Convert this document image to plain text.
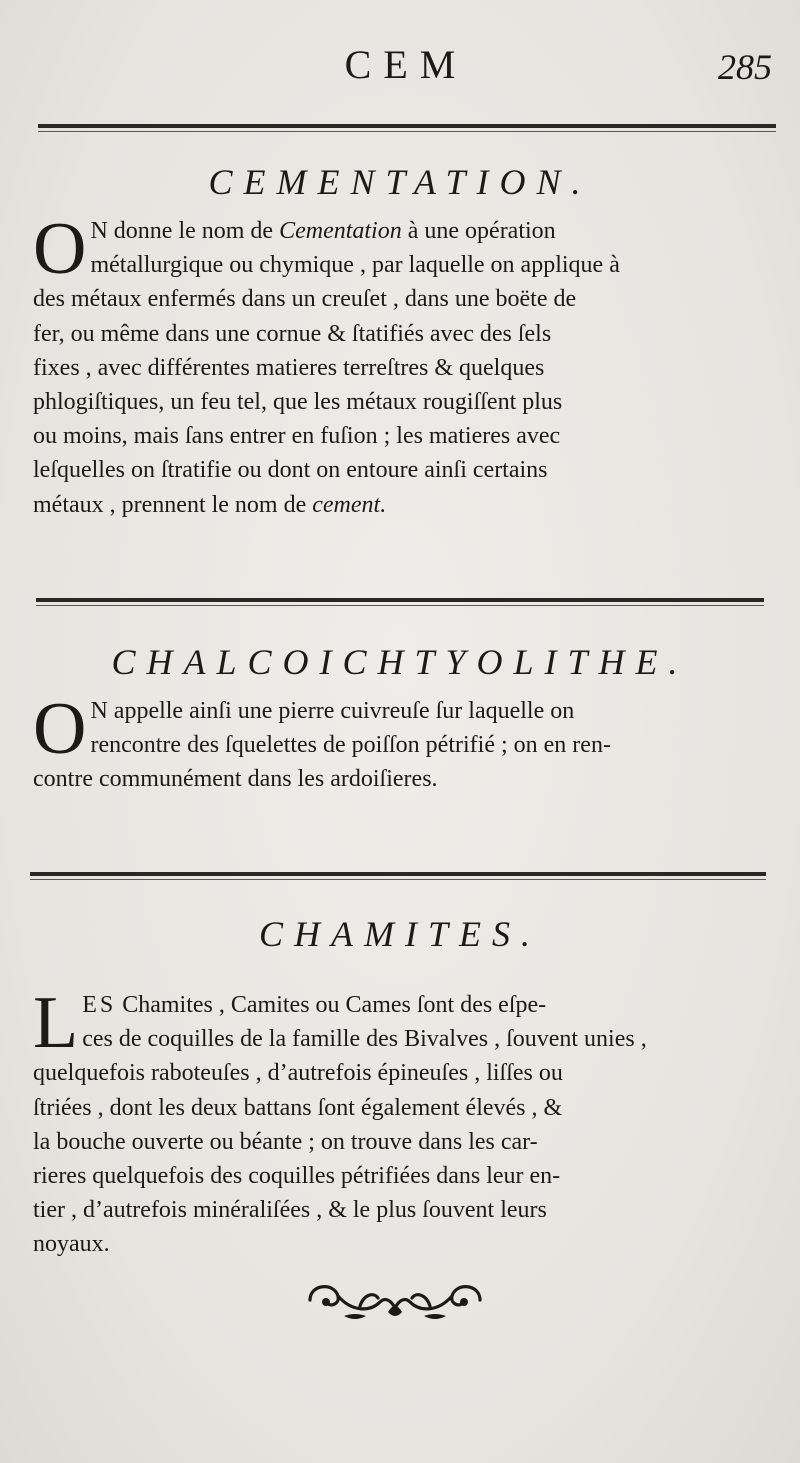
CEM	285
CEMENTATION.
O N donne le nom de Cementation à une opération
métallurgique ou chymique , par laquelle on applique à
des métaux enfermés dans un creuſet , dans une boëte de
fer, ou même dans une cornue & ſtatifiés avec des ſels
fixes , avec différentes matieres terreſtres & quelques
phlogiſtiques, un feu tel, que les métaux rougiſſent plus
ou moins, mais ſans entrer en fuſion ; les matieres avec
leſquelles on ſtratifie ou dont on entoure ainſi certains
métaux , prennent le nom de cement.
CHALCOICHTYOLITHE.
O N appelle ainſi une pierre cuivreuſe ſur laquelle on
rencontre des ſquelettes de poiſſon pétrifié ; on en ren-
contre communément dans les ardoiſieres.
CHAMITES.
L ES Chamites , Camites ou Cames ſont des eſpe-
ces de coquilles de la famille des Bivalves , ſouvent unies ,
quelquefois raboteuſes , d’autrefois épineuſes , liſſes ou
ſtriées , dont les deux battans ſont également élevés , &
la bouche ouverte ou béante ; on trouve dans les car-
rieres quelquefois des coquilles pétrifiées dans leur en-
tier , d’autrefois minéraliſées , & le plus ſouvent leurs
noyaux.
